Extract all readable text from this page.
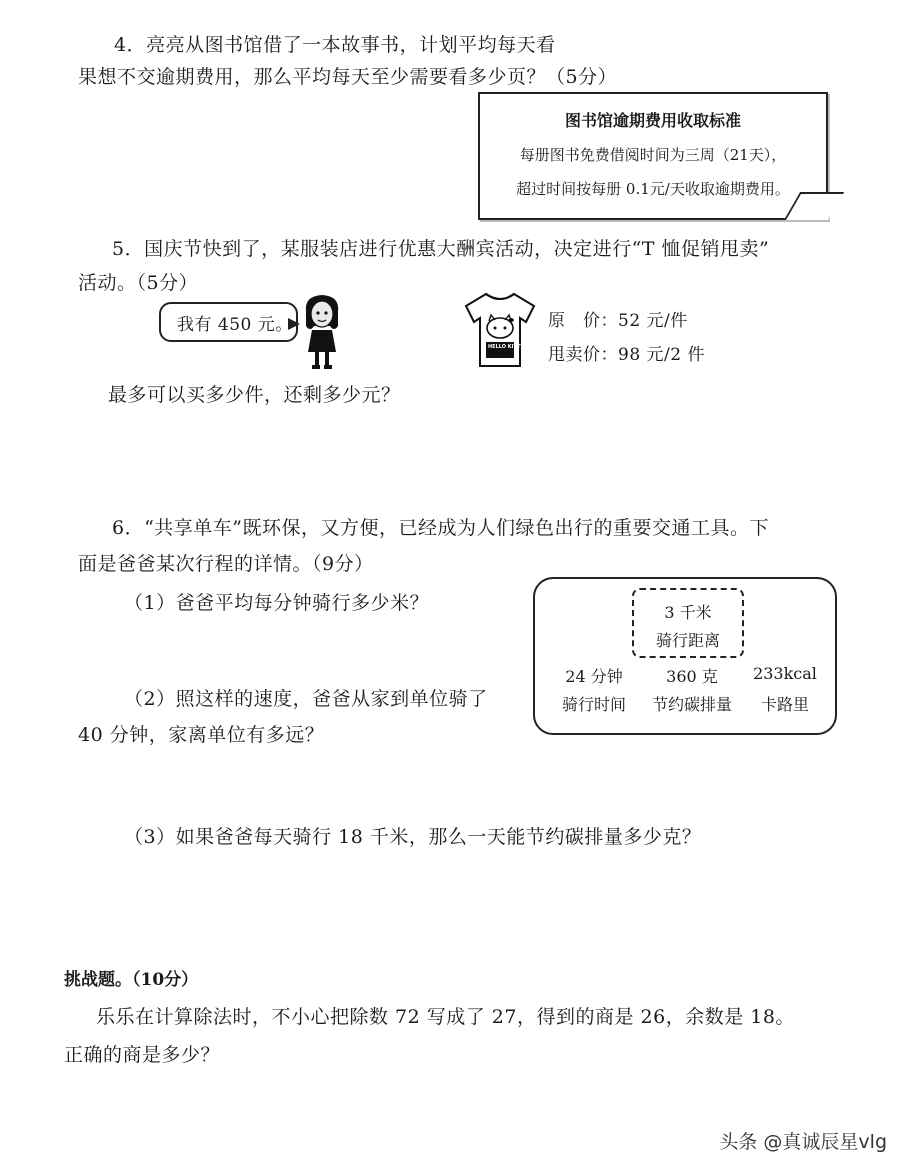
4．亮亮从图书馆借了一本故事书，计划平均每天看
果想不交逾期费用，那么平均每天至少需要看多少页？（5分）
图书馆逾期费用收取标准
每册图书免费借阅时间为三周（21天），
超过时间按每册 0.1元/天收取逾期费用。
5．国庆节快到了，某服装店进行优惠大酬宾活动，决定进行“T 恤促销甩卖”
活动。（5分）
我有 450 元。
HELLO KITTY
原　价：52 元/件
甩卖价：98 元/2 件
最多可以买多少件，还剩多少元？
6．“共享单车”既环保，又方便，已经成为人们绿色出行的重要交通工具。下
面是爸爸某次行程的详情。（9分）
（1）爸爸平均每分钟骑行多少米？
（2）照这样的速度，爸爸从家到单位骑了
40 分钟，家离单位有多远？
（3）如果爸爸每天骑行 18 千米，那么一天能节约碳排量多少克？
3 千米
骑行距离
24 分钟
骑行时间
360 克
节约碳排量
233kcal
卡路里
挑战题。（10分）
乐乐在计算除法时，不小心把除数 72 写成了 27，得到的商是 26，余数是 18。
正确的商是多少？
头条 @真诚辰星vlg
